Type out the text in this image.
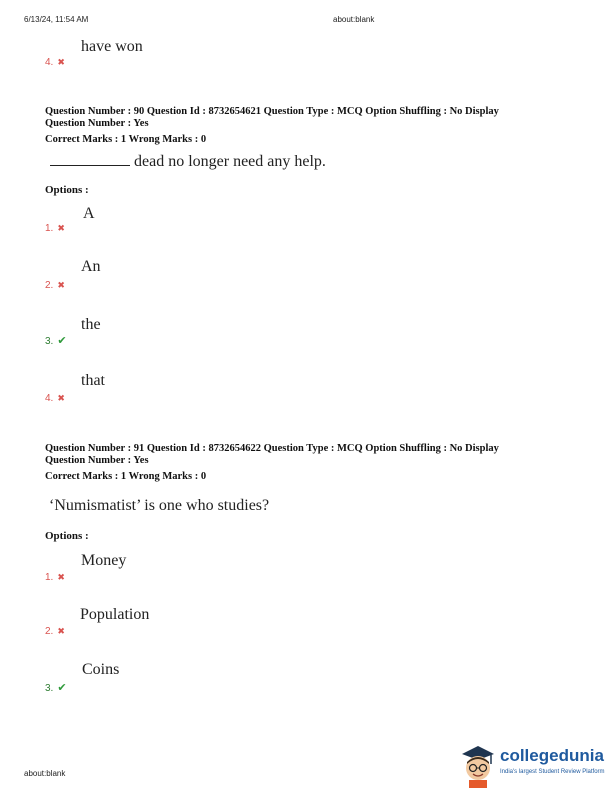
6/13/24, 11:54 AM	about:blank
have won
4. ✖
Question Number : 90 Question Id : 8732654621 Question Type : MCQ Option Shuffling : No Display
Question Number : Yes
Correct Marks : 1 Wrong Marks : 0
dead no longer need any help.
Options :
A
1. ✖
An
2. ✖
the
3. ✔
that
4. ✖
Question Number : 91 Question Id : 8732654622 Question Type : MCQ Option Shuffling : No Display
Question Number : Yes
Correct Marks : 1 Wrong Marks : 0
‘Numismatist’ is one who studies?
Options :
Money
1. ✖
Population
2. ✖
Coins
3. ✔
about:blank
collegedunia
India's largest Student Review Platform
